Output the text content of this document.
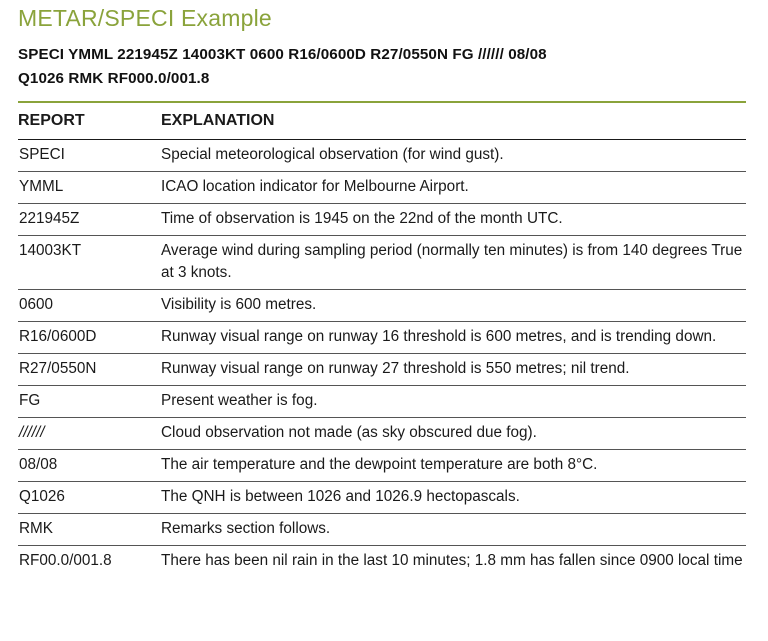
METAR/SPECI Example
SPECI YMML 221945Z 14003KT 0600 R16/0600D R27/0550N FG ////// 08/08
Q1026 RMK RF000.0/001.8
REPORT	EXPLANATION
SPECI	Special meteorological observation (for wind gust).
YMML	ICAO location indicator for Melbourne Airport.
221945Z	Time of observation is 1945 on the 22nd of the month UTC.
14003KT	Average wind during sampling period (normally ten minutes) is from 140 degrees True at 3 knots.
0600	Visibility is 600 metres.
R16/0600D	Runway visual range on runway 16 threshold is 600 metres, and is trending down.
R27/0550N	Runway visual range on runway 27 threshold is 550 metres; nil trend.
FG	Present weather is fog.
//////	Cloud observation not made (as sky obscured due fog).
08/08	The air temperature and the dewpoint temperature are both 8°C.
Q1026	The QNH is between 1026 and 1026.9 hectopascals.
RMK	Remarks section follows.
RF00.0/001.8	There has been nil rain in the last 10 minutes; 1.8 mm has fallen since 0900 local time
